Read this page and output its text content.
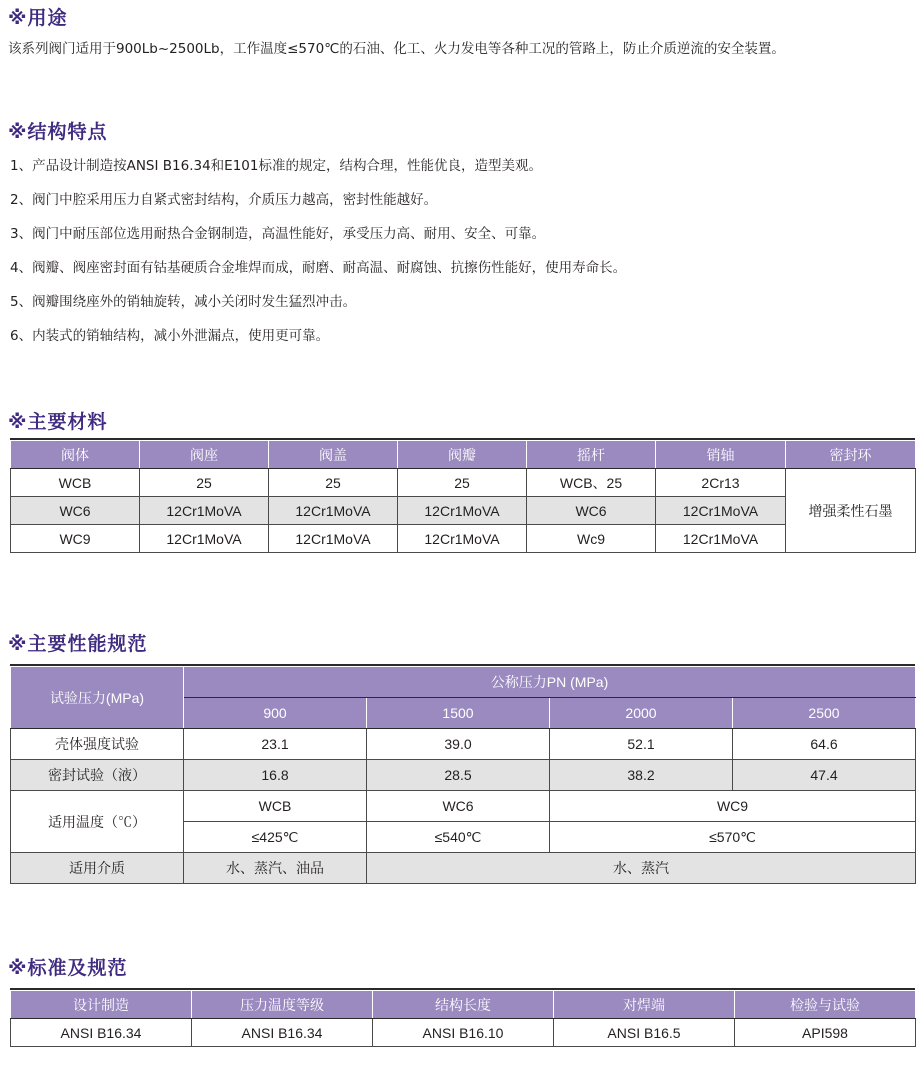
※用途
该系列阀门适用于900Lb~2500Lb，工作温度≤570℃的石油、化工、火力发电等各种工况的管路上，防止介质逆流的安全装置。
※结构特点
1、产品设计制造按ANSI B16.34和E101标准的规定，结构合理，性能优良，造型美观。
2、阀门中腔采用压力自紧式密封结构，介质压力越高，密封性能越好。
3、阀门中耐压部位选用耐热合金钢制造，高温性能好，承受压力高、耐用、安全、可靠。
4、阀瓣、阀座密封面有钴基硬质合金堆焊而成，耐磨、耐高温、耐腐蚀、抗擦伤性能好，使用寿命长。
5、阀瓣围绕座外的销轴旋转，减小关闭时发生猛烈冲击。
6、内装式的销轴结构，减小外泄漏点，使用更可靠。
※主要材料
阀体	阀座	阀盖	阀瓣	摇杆	销轴	密封环
WCB	25	25	25	WCB、25	2Cr13	增强柔性石墨
WC6	12Cr1MoVA	12Cr1MoVA	12Cr1MoVA	WC6	12Cr1MoVA	
WC9	12Cr1MoVA	12Cr1MoVA	12Cr1MoVA	Wc9	12Cr1MoVA	
※主要性能规范
试验压力(MPa)	公称压力PN (MPa)			
	900	1500	2000	2500
壳体强度试验	23.1	39.0	52.1	64.6
密封试验（液）	16.8	28.5	38.2	47.4
适用温度（℃）	WCB	WC6	WC9	
	≤425℃	≤540℃	≤570℃	
适用介质	水、蒸汽、油品	水、蒸汽		
※标准及规范
设计制造	压力温度等级	结构长度	对焊端	检验与试验
ANSI B16.34	ANSI B16.34	ANSI B16.10	ANSI B16.5	API598
